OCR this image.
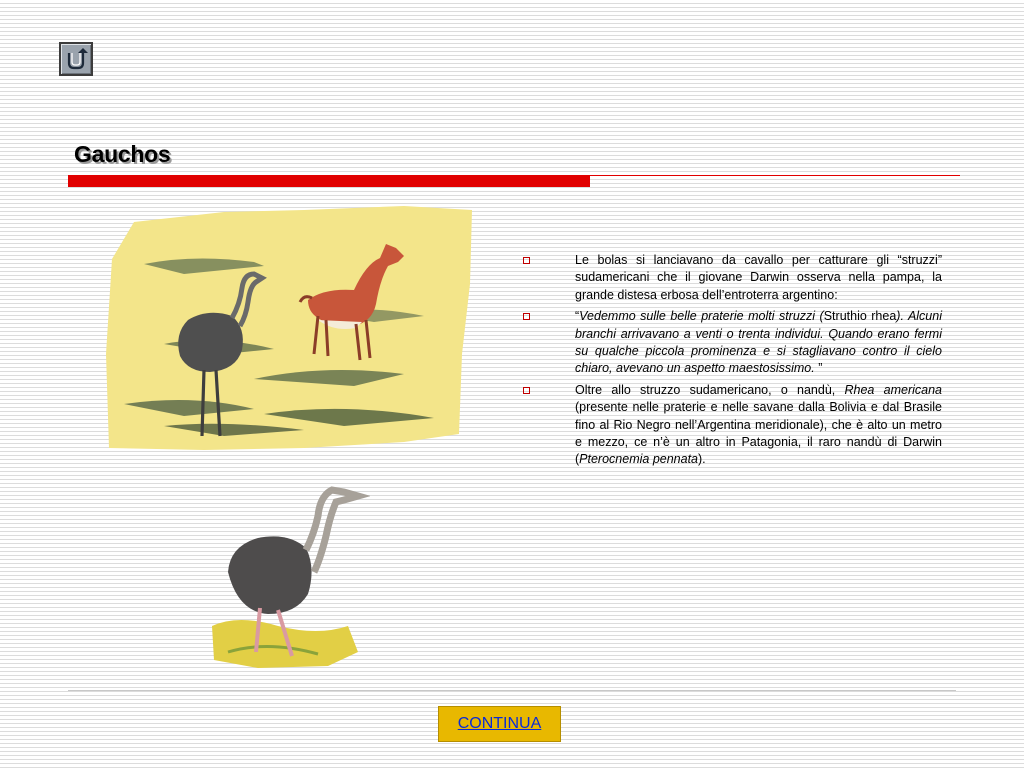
Gauchos
Le bolas si lanciavano da cavallo per catturare gli “struzzi” sudamericani che il giovane Darwin osserva nella pampa, la grande distesa erbosa dell’entroterra argentino:
“Vedemmo sulle belle praterie molti struzzi (Struthio rhea). Alcuni branchi arrivavano a venti o trenta individui. Quando erano fermi su qualche piccola prominenza e si stagliavano contro il cielo chiaro, avevano un aspetto maestosissimo. ”
Oltre allo struzzo sudamericano, o nandù, Rhea americana (presente nelle praterie e nelle savane dalla Bolivia e dal Brasile fino al Rio Negro nell’Argentina meridionale), che è alto un metro e mezzo, ce n’è un altro in Patagonia, il raro nandù di Darwin (Pterocnemia pennata).
CONTINUA
